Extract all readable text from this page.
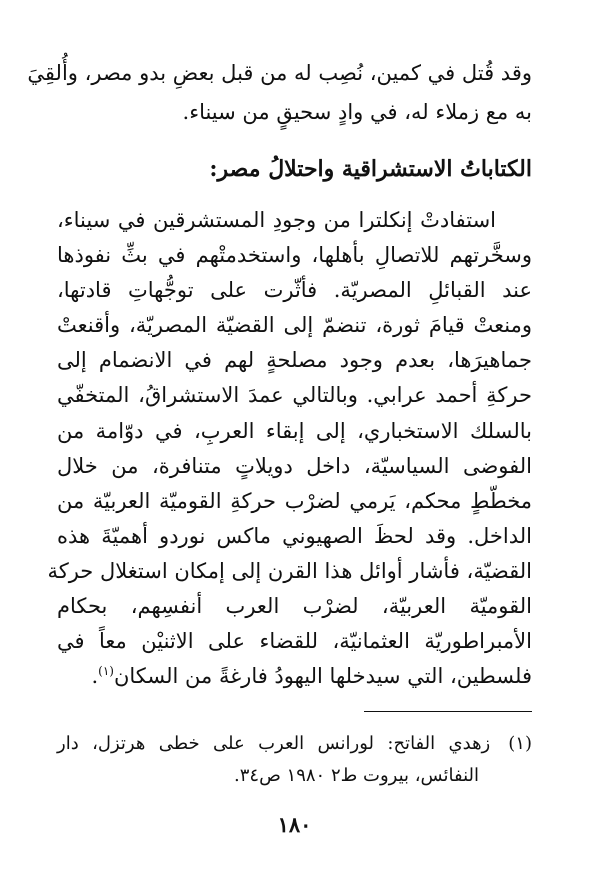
وقد قُتل في كمين، نُصِب له من قبل بعضِ بدو مصر، وأُلقِيَ
به مع زملاء له، في وادٍ سحيقٍ من سيناء.
الكتاباتُ الاستشراقية واحتلالُ مصر:
استفادتْ إنكلترا من وجودِ المستشرقين في سيناء،
وسخَّرتهم للاتصالِ بأهلها، واستخدمتْهم في بثِّ نفوذها
عند القبائلِ المصريّة. فأثّرت على توجُّهاتِ قادتها،
ومنعتْ قيامَ ثورة، تنضمّ إلى القضيّة المصريّة، وأقنعتْ
جماهيرَها، بعدم وجود مصلحةٍ لهم في الانضمام إلى
حركةِ أحمد عرابي. وبالتالي عمدَ الاستشراقُ، المتخفّي
بالسلك الاستخباري، إلى إبقاء العربِ، في دوّامة من
الفوضى السياسيّة، داخل دويلاتٍ متنافرة، من خلال
مخطّطٍ محكم، يَرمي لضرْب حركةِ القوميّة العربيّة من
الداخل. وقد لحظَ الصهيوني ماكس نوردو أهميّةَ هذه
القضيّة، فأشار أوائل هذا القرن إلى إمكان استغلال حركة
القوميّة العربيّة، لضرْب العرب أنفسِهم، بحكام
الأمبراطوريّة العثمانيّة، للقضاء على الاثنيْن معاً في
فلسطين، التي سيدخلها اليهودُ فارغةً من السكان$^{(١)}$.
(١)زهدي الفاتح: لورانس العرب على خطى هرتزل، دار
النفائس، بيروت ط٢ ١٩٨٠ ص٣٤.
١٨٠
